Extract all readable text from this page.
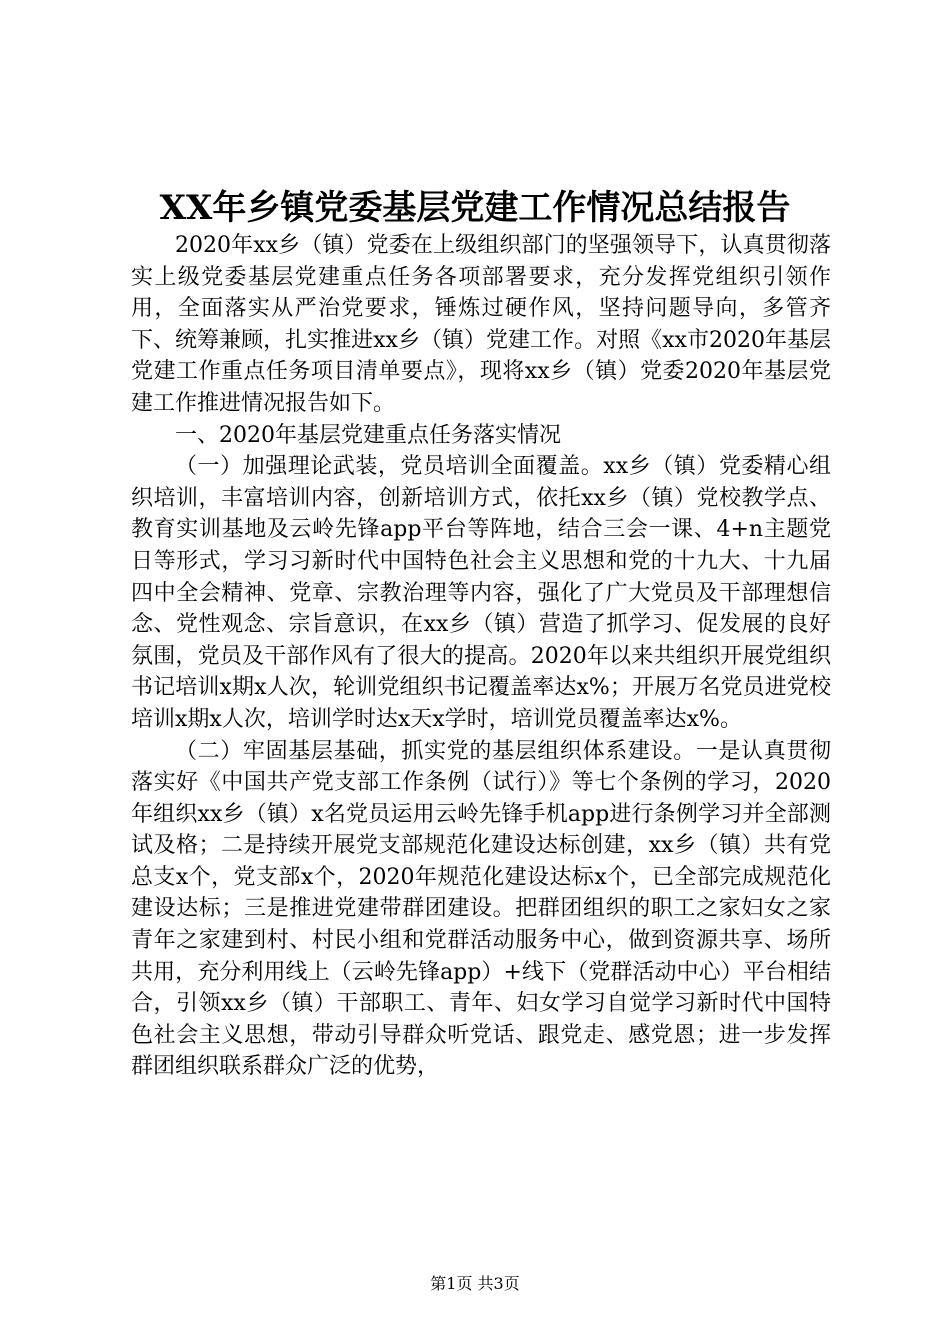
XX年乡镇党委基层党建工作情况总结报告

2020年xx乡（镇）党委在上级组织部门的坚强领导下，认真贯彻落实上级党委基层党建重点任务各项部署要求，充分发挥党组织引领作用，全面落实从严治党要求，锤炼过硬作风，坚持问题导向，多管齐下、统筹兼顾，扎实推进xx乡（镇）党建工作。对照《xx市2020年基层党建工作重点任务项目清单要点》，现将xx乡（镇）党委2020年基层党建工作推进情况报告如下。

一、2020年基层党建重点任务落实情况

（一）加强理论武装，党员培训全面覆盖。xx乡（镇）党委精心组织培训，丰富培训内容，创新培训方式，依托xx乡（镇）党校教学点、教育实训基地及云岭先锋app平台等阵地，结合三会一课、4+n主题党日等形式，学习习新时代中国特色社会主义思想和党的十九大、十九届四中全会精神、党章、宗教治理等内容，强化了广大党员及干部理想信念、党性观念、宗旨意识，在xx乡（镇）营造了抓学习、促发展的良好氛围，党员及干部作风有了很大的提高。2020年以来共组织开展党组织书记培训x期x人次，轮训党组织书记覆盖率达x%；开展万名党员进党校培训x期x人次，培训学时达x天x学时，培训党员覆盖率达x%。

（二）牢固基层基础，抓实党的基层组织体系建设。一是认真贯彻落实好《中国共产党支部工作条例（试行）》等七个条例的学习，2020年组织xx乡（镇）x名党员运用云岭先锋手机app进行条例学习并全部测试及格；二是持续开展党支部规范化建设达标创建，xx乡（镇）共有党总支x个，党支部x个，2020年规范化建设达标x个，已全部完成规范化建设达标；三是推进党建带群团建设。把群团组织的职工之家妇女之家青年之家建到村、村民小组和党群活动服务中心，做到资源共享、场所共用，充分利用线上（云岭先锋app）+线下（党群活动中心）平台相结合，引领xx乡（镇）干部职工、青年、妇女学习自觉学习新时代中国特色社会主义思想，带动引导群众听党话、跟党走、感党恩；进一步发挥群团组织联系群众广泛的优势，

第1页 共3页
